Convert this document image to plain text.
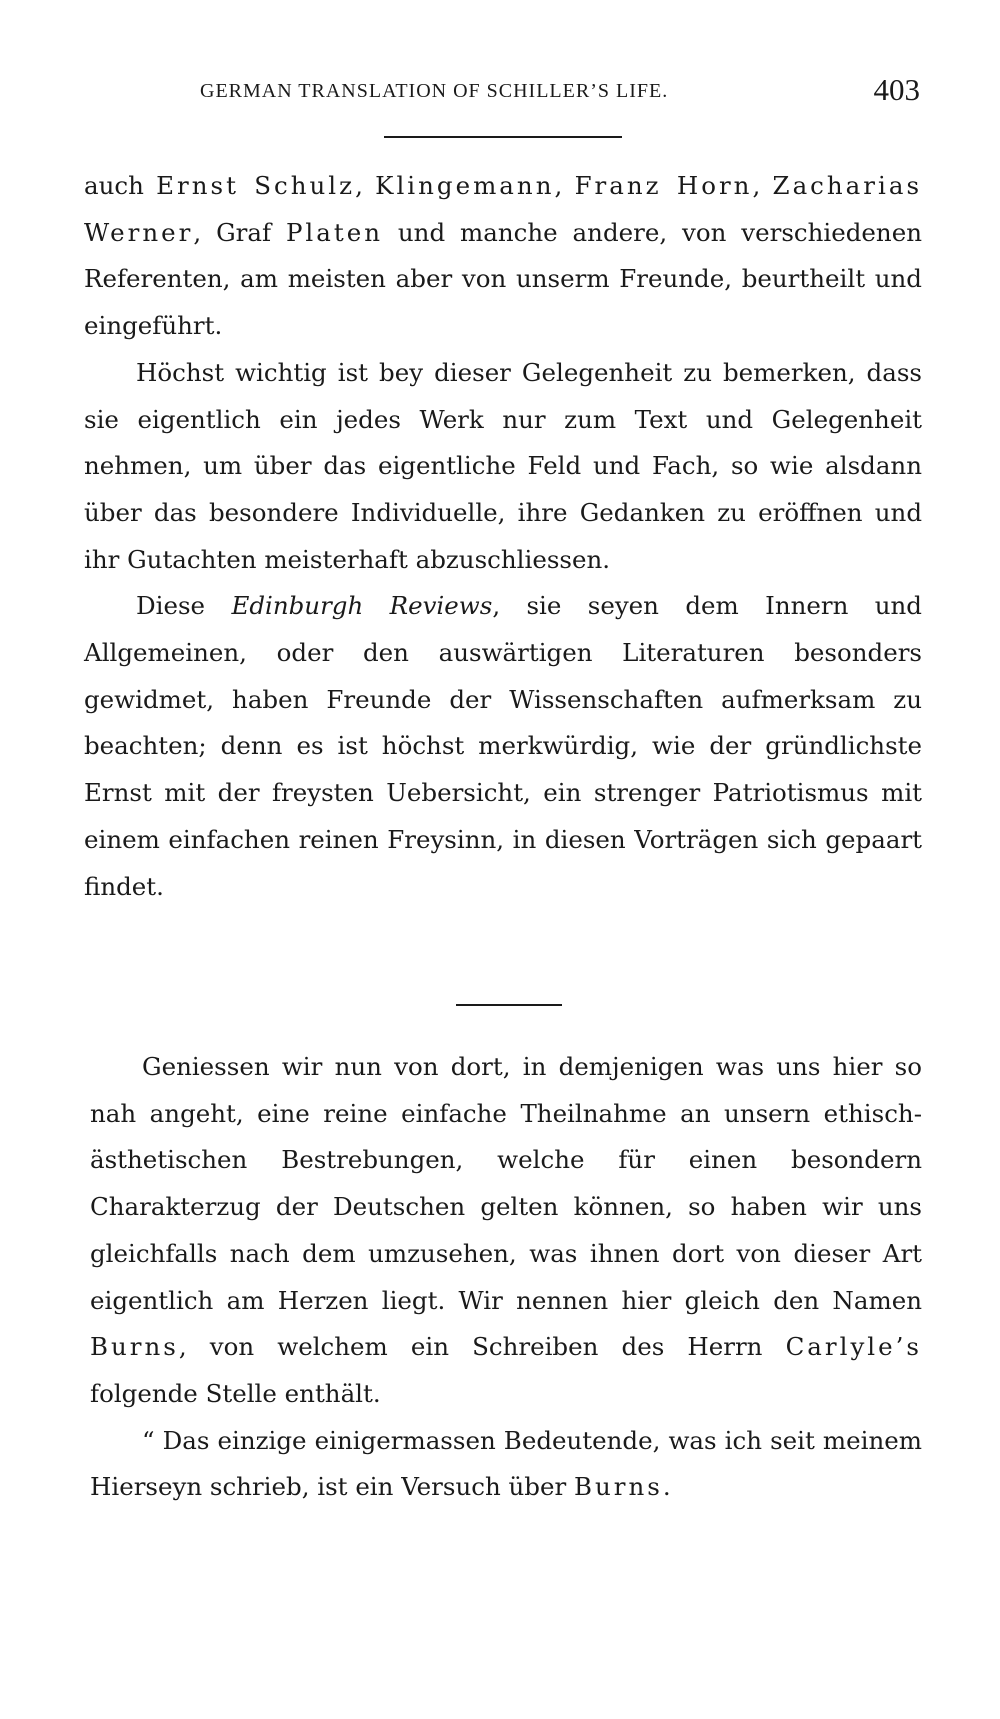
GERMAN TRANSLATION OF SCHILLER’S LIFE.	403

auch Ernst Schulz, Klingemann, Franz Horn, Zacharias Werner, Graf Platen und manche andere, von verschiedenen Referenten, am meisten aber von unserm Freunde, beurtheilt und eingeführt.

Höchst wichtig ist bey dieser Gelegenheit zu bemerken, dass sie eigentlich ein jedes Werk nur zum Text und Gelegenheit nehmen, um über das eigentliche Feld und Fach, so wie alsdann über das besondere Individuelle, ihre Gedanken zu eröffnen und ihr Gutachten meisterhaft abzuschliessen.

Diese Edinburgh Reviews, sie seyen dem Innern und Allgemeinen, oder den auswärtigen Literaturen besonders gewidmet, haben Freunde der Wissenschaften aufmerksam zu beachten; denn es ist höchst merkwürdig, wie der gründlichste Ernst mit der freysten Uebersicht, ein strenger Patriotismus mit einem einfachen reinen Freysinn, in diesen Vorträgen sich gepaart findet.

Geniessen wir nun von dort, in demjenigen was uns hier so nah angeht, eine reine einfache Theilnahme an unsern ethisch-ästhetischen Bestrebungen, welche für einen besondern Charakterzug der Deutschen gelten können, so haben wir uns gleichfalls nach dem umzusehen, was ihnen dort von dieser Art eigentlich am Herzen liegt. Wir nennen hier gleich den Namen Burns, von welchem ein Schreiben des Herrn Carlyle’s folgende Stelle enthält.

“ Das einzige einigermassen Bedeutende, was ich seit meinem Hierseyn schrieb, ist ein Versuch über Burns.
